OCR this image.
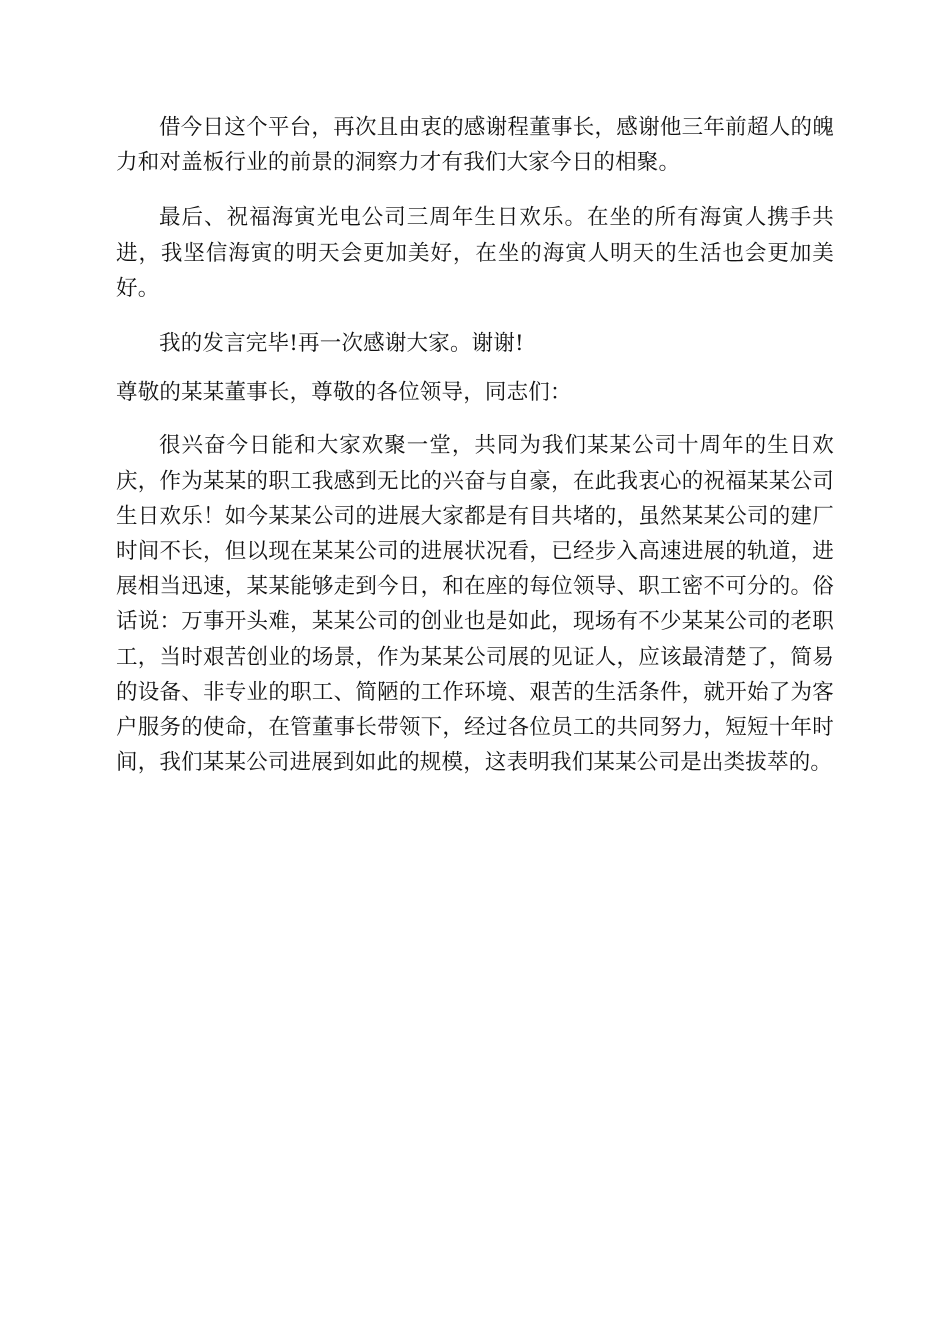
借今日这个平台，再次且由衷的感谢程董事长，感谢他三年前超人的魄力和对盖板行业的前景的洞察力才有我们大家今日的相聚。

最后、祝福海寅光电公司三周年生日欢乐。在坐的所有海寅人携手共进，我坚信海寅的明天会更加美好，在坐的海寅人明天的生活也会更加美好。

我的发言完毕!再一次感谢大家。谢谢!

尊敬的某某董事长，尊敬的各位领导，同志们：

很兴奋今日能和大家欢聚一堂，共同为我们某某公司十周年的生日欢庆，作为某某的职工我感到无比的兴奋与自豪，在此我衷心的祝福某某公司生日欢乐！如今某某公司的进展大家都是有目共堵的，虽然某某公司的建厂时间不长，但以现在某某公司的进展状况看，已经步入高速进展的轨道，进展相当迅速，某某能够走到今日，和在座的每位领导、职工密不可分的。俗话说：万事开头难，某某公司的创业也是如此，现场有不少某某公司的老职工，当时艰苦创业的场景，作为某某公司展的见证人，应该最清楚了，简易的设备、非专业的职工、简陋的工作环境、艰苦的生活条件，就开始了为客户服务的使命，在管董事长带领下，经过各位员工的共同努力，短短十年时间，我们某某公司进展到如此的规模，这表明我们某某公司是出类拔萃的。
